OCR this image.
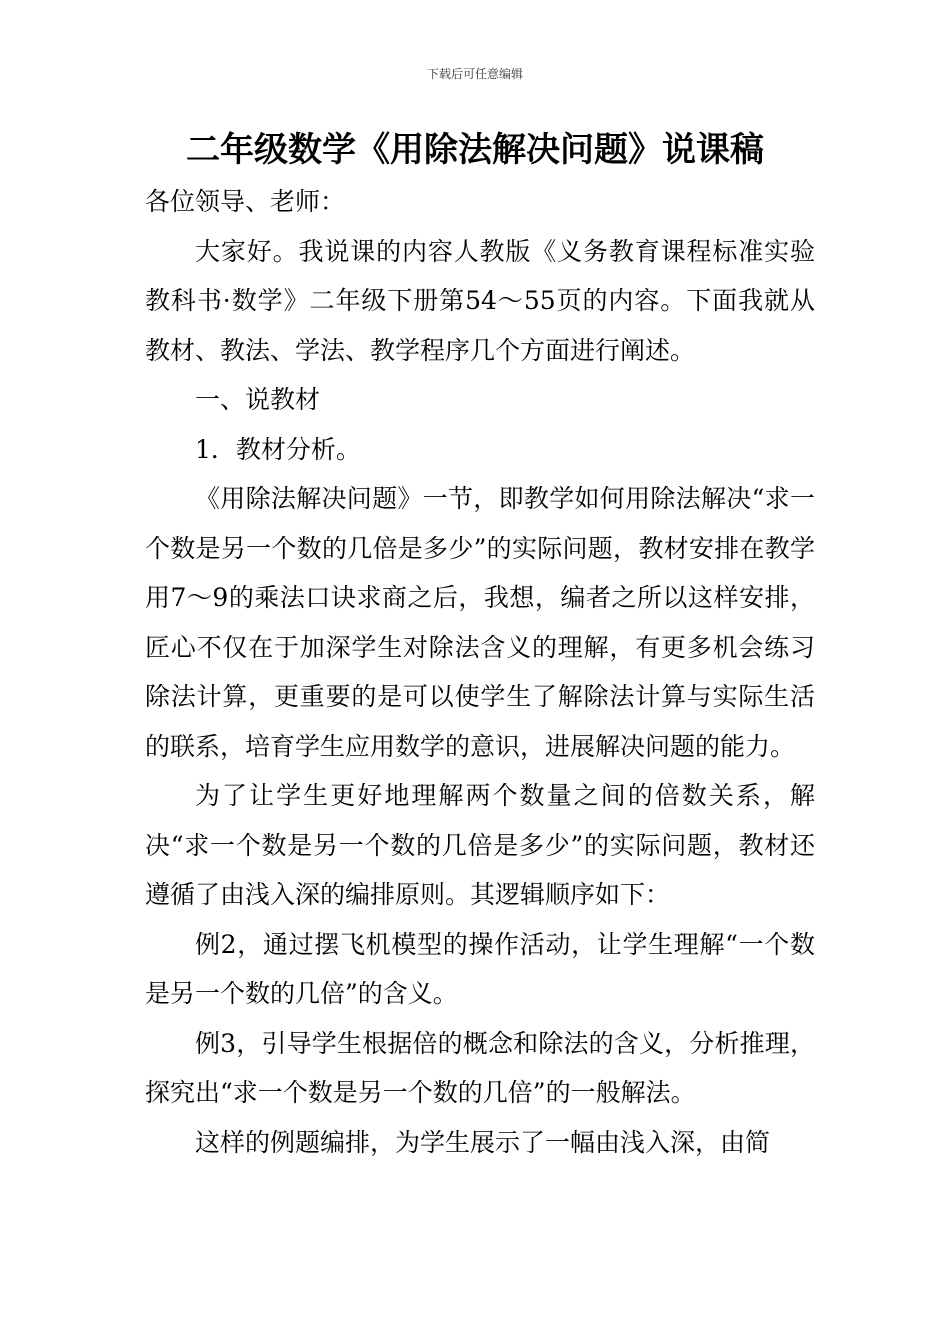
下载后可任意编辑
二年级数学《用除法解决问题》说课稿

各位领导、老师：

大家好。我说课的内容人教版《义务教育课程标准实验教科书·数学》二年级下册第54～55页的内容。下面我就从教材、教法、学法、教学程序几个方面进行阐述。

一、说教材

1．教材分析。

《用除法解决问题》一节，即教学如何用除法解决“求一个数是另一个数的几倍是多少”的实际问题，教材安排在教学用7～9的乘法口诀求商之后，我想，编者之所以这样安排，匠心不仅在于加深学生对除法含义的理解，有更多机会练习除法计算，更重要的是可以使学生了解除法计算与实际生活的联系，培育学生应用数学的意识，进展解决问题的能力。

为了让学生更好地理解两个数量之间的倍数关系，解决“求一个数是另一个数的几倍是多少”的实际问题，教材还遵循了由浅入深的编排原则。其逻辑顺序如下：

例2，通过摆飞机模型的操作活动，让学生理解“一个数是另一个数的几倍”的含义。

例3，引导学生根据倍的概念和除法的含义，分析推理，探究出“求一个数是另一个数的几倍”的一般解法。

这样的例题编排，为学生展示了一幅由浅入深，由简
